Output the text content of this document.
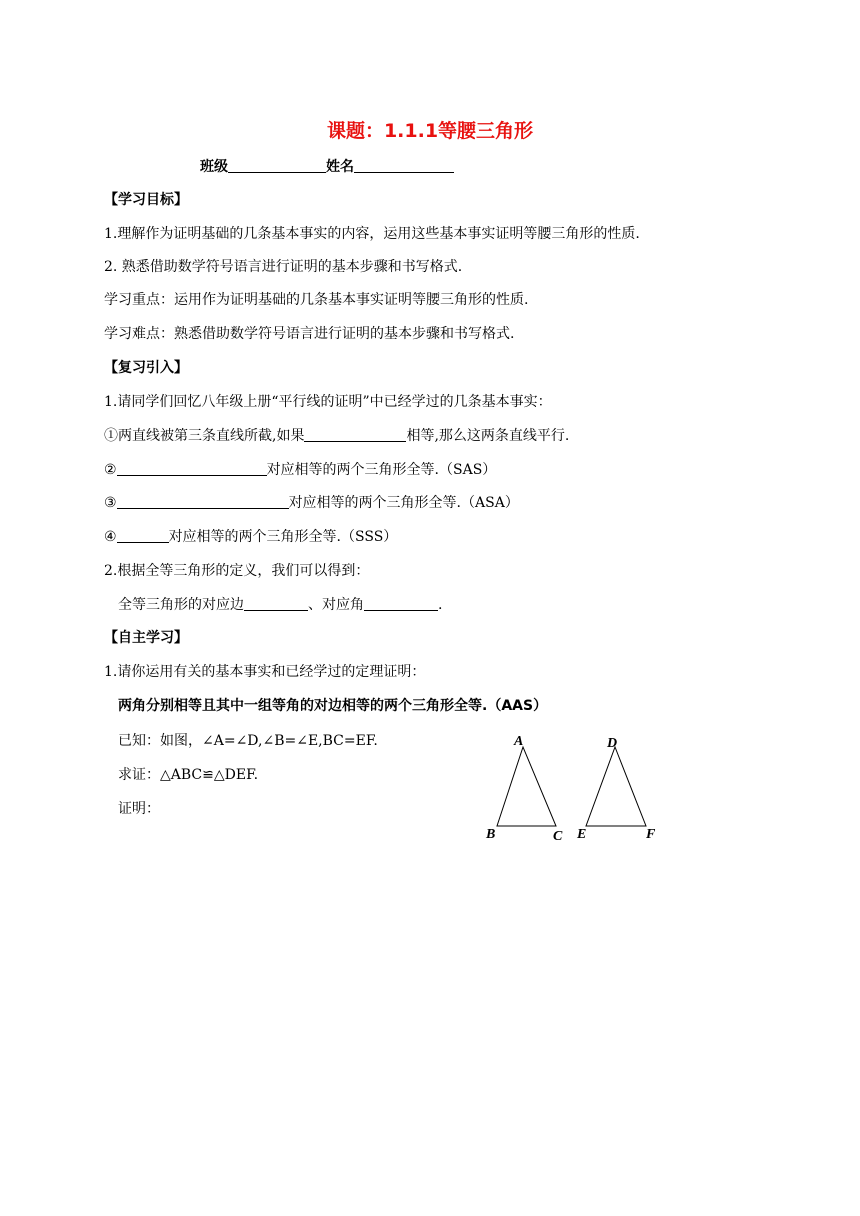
课题：1.1.1等腰三角形
班级	姓名
【学习目标】
1.理解作为证明基础的几条基本事实的内容，运用这些基本事实证明等腰三角形的性质.
2. 熟悉借助数学符号语言进行证明的基本步骤和书写格式.
学习重点：运用作为证明基础的几条基本事实证明等腰三角形的性质.
学习难点：熟悉借助数学符号语言进行证明的基本步骤和书写格式.
【复习引入】
1.请同学们回忆八年级上册“平行线的证明”中已经学过的几条基本事实：
①两直线被第三条直线所截,如果	相等,那么这两条直线平行.
②	对应相等的两个三角形全等.（SAS）
③	对应相等的两个三角形全等.（ASA）
④	对应相等的两个三角形全等.（SSS）
2.根据全等三角形的定义，我们可以得到：
全等三角形的对应边	、对应角	.
【自主学习】
1.请你运用有关的基本事实和已经学过的定理证明：
两角分别相等且其中一组等角的对边相等的两个三角形全等.（AAS）
已知：如图，∠A=∠D,∠B=∠E,BC=EF.
求证：△ABC≌△DEF.
证明：
A
B	C
D
E	F
